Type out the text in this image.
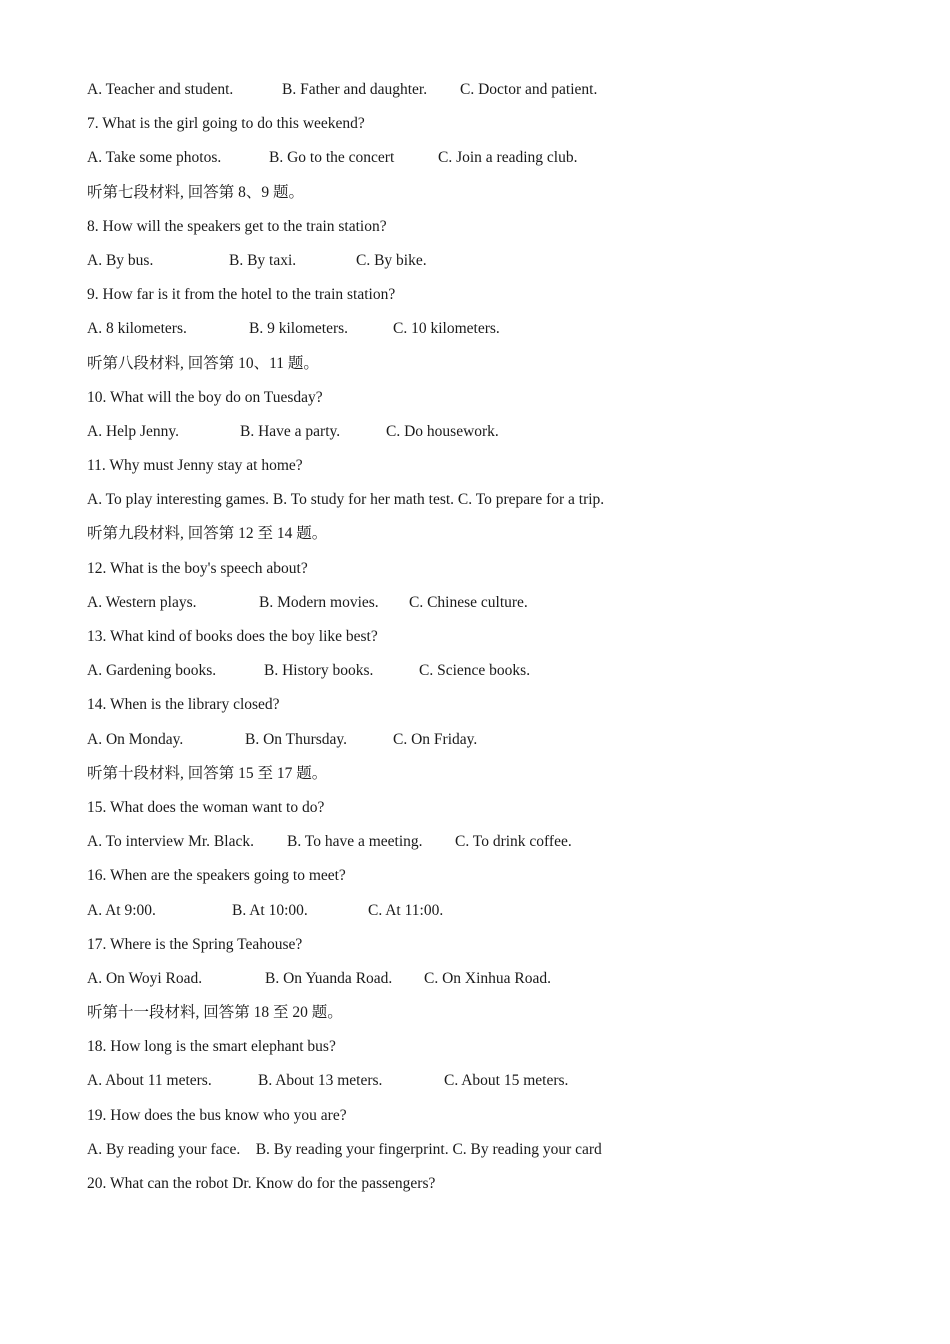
A. Teacher and student.	B. Father and daughter. C. Doctor and patient.
7. What is the girl going to do this weekend?
A. Take some photos.	B. Go to the concert	C. Join a reading club.
听第七段材料, 回答第 8、9 题。
8. How will the speakers get to the train station?
A. By bus.	B. By taxi.	C. By bike.
9. How far is it from the hotel to the train station?
A. 8 kilometers.	B. 9 kilometers.	C. 10 kilometers.
听第八段材料, 回答第 10、11 题。
10. What will the boy do on Tuesday?
A. Help Jenny.	B. Have a party.	C. Do housework.
11. Why must Jenny stay at home?
A. To play interesting games. B. To study for her math test. C. To prepare for a trip.
听第九段材料, 回答第 12 至 14 题。
12. What is the boy's speech about?
A. Western plays.	B. Modern movies. C. Chinese culture.
13. What kind of books does the boy like best?
A. Gardening books.	B. History books.	C. Science books.
14. When is the library closed?
A. On Monday.	B. On Thursday.	C. On Friday.
听第十段材料, 回答第 15 至 17 题。
15. What does the woman want to do?
A. To interview Mr. Black. B. To have a meeting. C. To drink coffee.
16. When are the speakers going to meet?
A. At 9:00.	B. At 10:00.	C. At 11:00.
17. Where is the Spring Teahouse?
A. On Woyi Road.	B. On Yuanda Road. C. On Xinhua Road.
听第十一段材料, 回答第 18 至 20 题。
18. How long is the smart elephant bus?
A. About 11 meters.	B. About 13 meters.	C. About 15 meters.
19. How does the bus know who you are?
A. By reading your face.    B. By reading your fingerprint. C. By reading your card
20. What can the robot Dr. Know do for the passengers?
